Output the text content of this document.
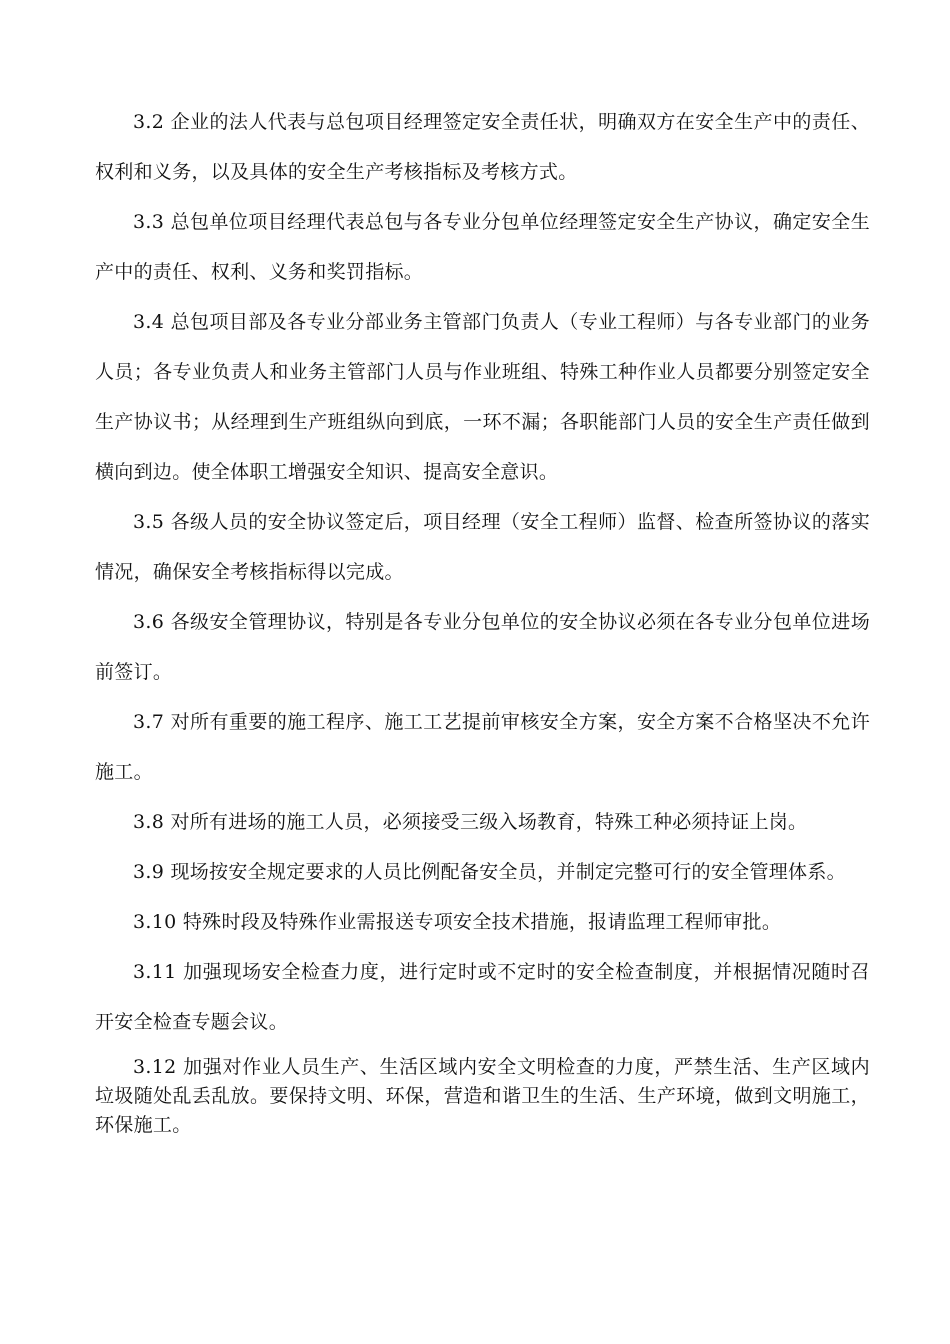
3.2 企业的法人代表与总包项目经理签定安全责任状，明确双方在安全生产中的责任、权利和义务，以及具体的安全生产考核指标及考核方式。

3.3 总包单位项目经理代表总包与各专业分包单位经理签定安全生产协议，确定安全生产中的责任、权利、义务和奖罚指标。

3.4 总包项目部及各专业分部业务主管部门负责人（专业工程师）与各专业部门的业务人员；各专业负责人和业务主管部门人员与作业班组、特殊工种作业人员都要分别签定安全生产协议书；从经理到生产班组纵向到底，一环不漏；各职能部门人员的安全生产责任做到横向到边。使全体职工增强安全知识、提高安全意识。

3.5 各级人员的安全协议签定后，项目经理（安全工程师）监督、检查所签协议的落实情况，确保安全考核指标得以完成。

3.6 各级安全管理协议，特别是各专业分包单位的安全协议必须在各专业分包单位进场前签订。

3.7 对所有重要的施工程序、施工工艺提前审核安全方案，安全方案不合格坚决不允许施工。

3.8 对所有进场的施工人员，必须接受三级入场教育，特殊工种必须持证上岗。

3.9 现场按安全规定要求的人员比例配备安全员，并制定完整可行的安全管理体系。

3.10 特殊时段及特殊作业需报送专项安全技术措施，报请监理工程师审批。

3.11 加强现场安全检查力度，进行定时或不定时的安全检查制度，并根据情况随时召开安全检查专题会议。

3.12 加强对作业人员生产、生活区域内安全文明检查的力度，严禁生活、生产区域内垃圾随处乱丢乱放。要保持文明、环保，营造和谐卫生的生活、生产环境，做到文明施工，环保施工。
